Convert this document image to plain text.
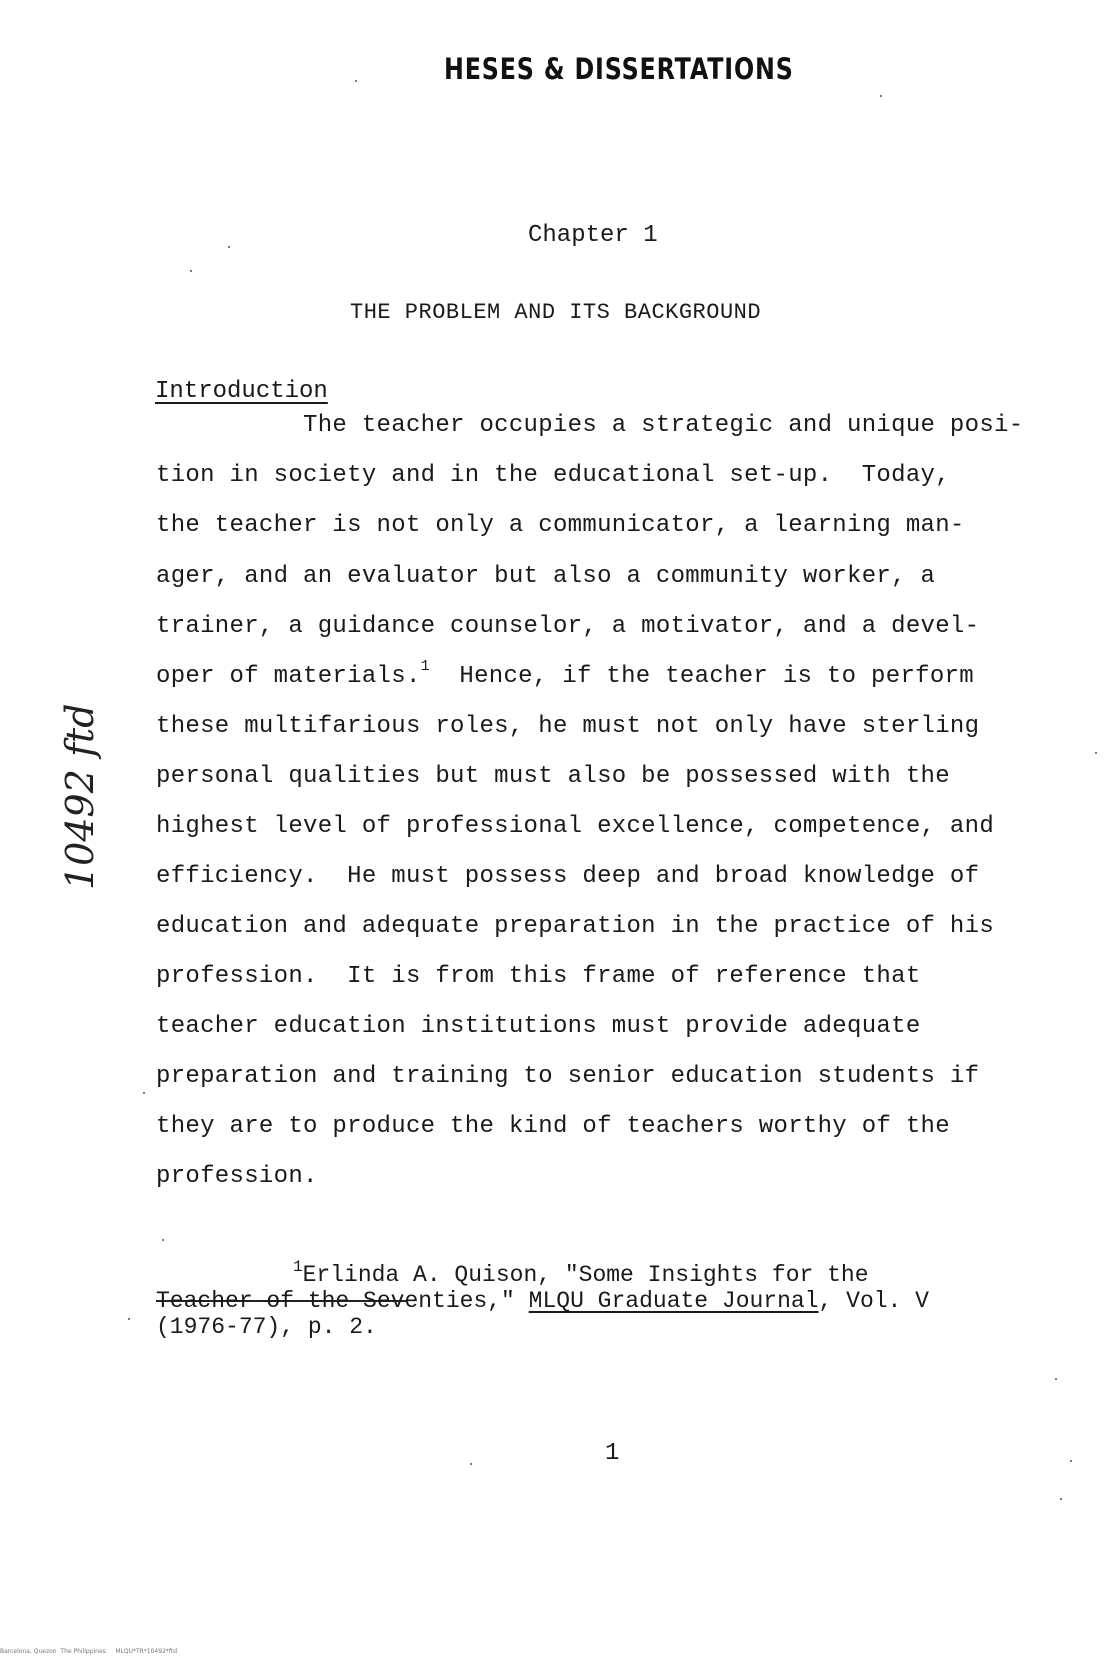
HESES & DISSERTATIONS
Chapter 1
THE PROBLEM AND ITS BACKGROUND
Introduction
The teacher occupies a strategic and unique posi-
tion in society and in the educational set-up.  Today,
the teacher is not only a communicator, a learning man-
ager, and an evaluator but also a community worker, a
trainer, a guidance counselor, a motivator, and a devel-
oper of materials.$^1$  Hence, if the teacher is to perform
these multifarious roles, he must not only have sterling
personal qualities but must also be possessed with the
highest level of professional excellence, competence, and
efficiency.  He must possess deep and broad knowledge of
education and adequate preparation in the practice of his
profession.  It is from this frame of reference that
teacher education institutions must provide adequate
preparation and training to senior education students if
they are to produce the kind of teachers worthy of the
profession.
10492 ftd
$^1$Erlinda A. Quison, "Some Insights for the
Teacher of the Seventies," MLQU Graduate Journal, Vol. V
(1976-77), p. 2.
1
Barcelona, Quezon  The Philippines     MLQU*TR*10492*ftd
